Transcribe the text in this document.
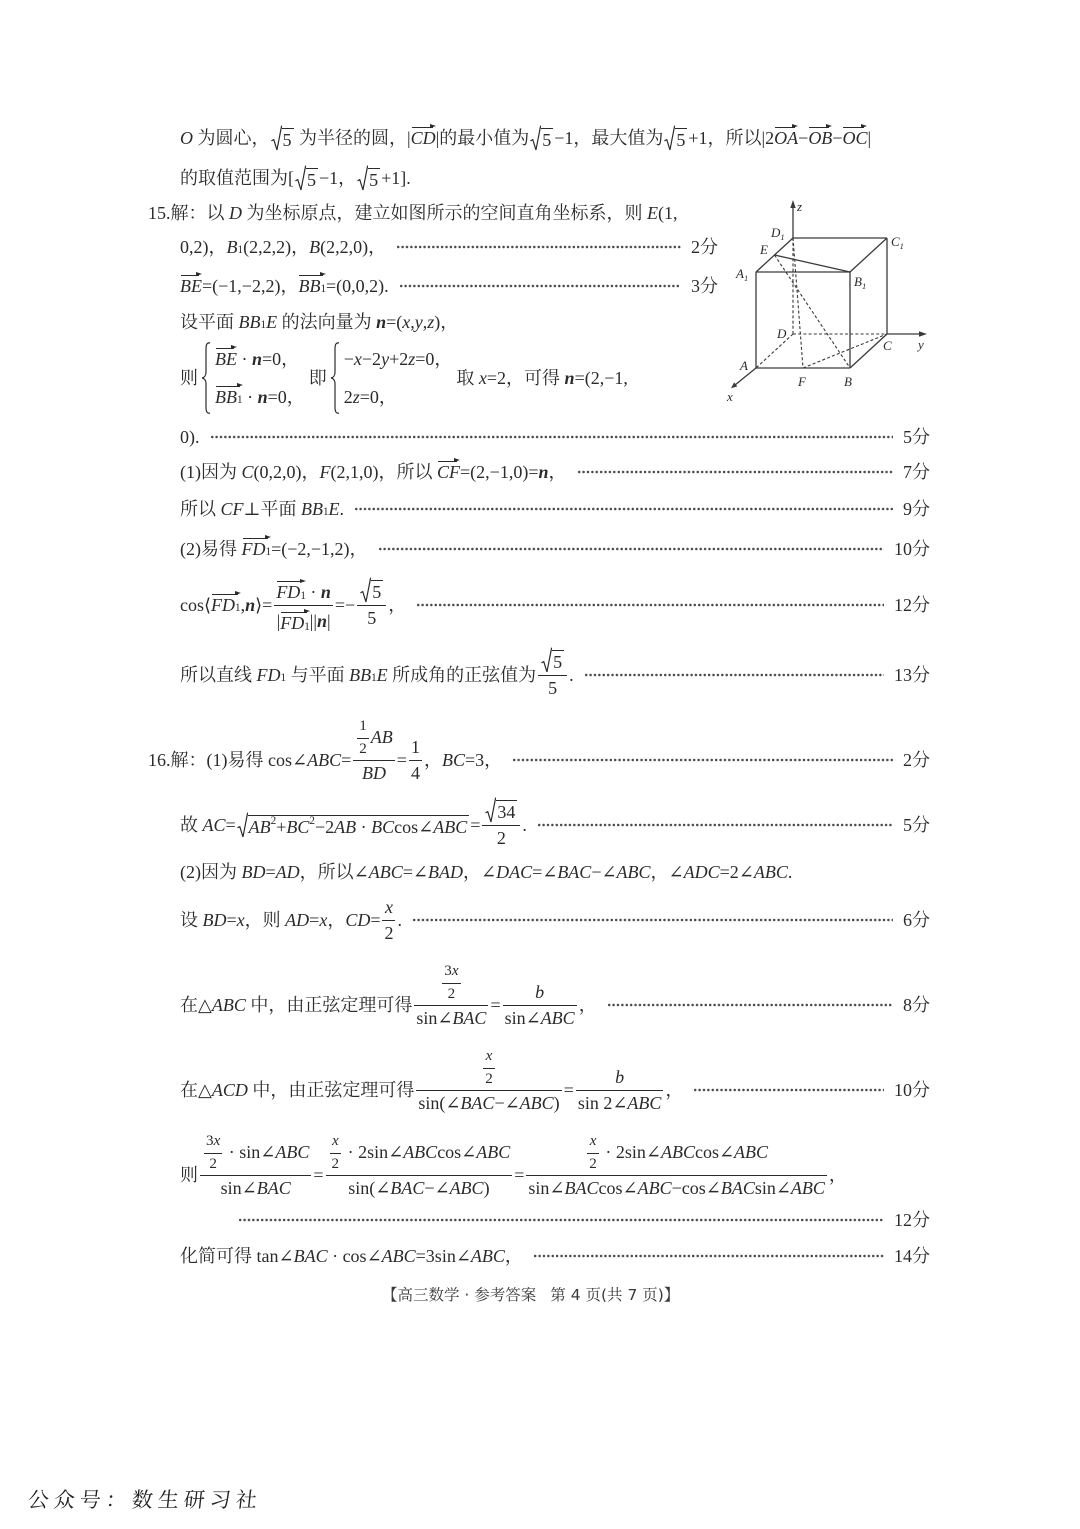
O 为圆心， 5 为半径的圆，| CD |的最小值为 5 −1，最大值为 5 +1，所以|2 OA − OB − OC |
的取值范围为[ 5 −1， 5 +1].
15.解：以 D 为坐标原点，建立如图所示的空间直角坐标系，则 E (1,
0,2)， B 1 (2,2,2)， B (2,2,0)，	2分
BE =(−1,−2,2)， BB 1 =(0,0,2).	3分
设平面 BB 1 E 的法向量为 n =( x , y , z )，
则
BE · n =0，
BB 1 · n =0，
即
− x −2 y +2 z =0，
2 z =0，
取 x =2，可得 n =(2,−1,
0).	5分
(1)因为 C (0,2,0)， F (2,1,0)，所以 CF =(2,−1,0)= n ，	7分
所以 CF ⊥平面 BB 1 E .	9分
(2)易得 FD 1 =(−2,−1,2)，	10分
cos⟨ FD 1 , n ⟩= $\frac{FD 1 \cdot n}{| FD 1 || n |} =- \frac{5}{5}$ ，	12分
所以直线 FD 1 与平面 BB 1 E 所成角的正弦值为 $\frac{5}{5}$ .	13分
z
y
x
$D_1$	$C_1$
E
$A_1$	$B_1$
D
C
A
F	B
16.解：(1)易得 cos∠ ABC = $\frac{\frac{1}{2} AB}{BD} = \frac{1}{4}$ ， BC =3，	2分
故 AC = AB 2 + BC 2 −2 AB · BC cos∠ ABC = $\frac{34}{2}$ .	5分
(2)因为 BD = AD ，所以∠ ABC =∠ BAD ，∠ DAC =∠ BAC −∠ ABC ，∠ ADC =2∠ ABC .
设 BD = x ，则 AD = x ， CD = $\frac{x}{2}$ .	6分
在△ ABC 中，由正弦定理可得 $\frac{\frac{3 x}{2}}{\text{sin∠ BAC}} = \frac{b}{\text{sin∠ ABC}}$ ，	8分
在△ ACD 中，由正弦定理可得 $\frac{\frac{x}{2}}{\text{sin(∠ BAC −∠ ABC )}} = \frac{b}{\text{sin 2∠ ABC}}$ ，	10分
则 $\frac{\frac{3 x}{2} \cdot \sin\angle ABC}{\text{sin∠ BAC}} = \frac{\frac{x}{2} \cdot 2\sin\angle ABC \cos\angle ABC}{\text{sin(∠ BAC −∠ ABC )}} = \frac{\frac{x}{2} \cdot 2\sin\angle ABC \cos\angle ABC}{\text{sin∠ BAC cos∠ ABC −cos∠ BAC sin∠ ABC}}$ ，
12分
化简可得 tan∠ BAC · cos∠ ABC =3sin∠ ABC ，	14分
【高三数学 · 参考答案 第 4 页(共 7 页)】
公众号：数生研习社
